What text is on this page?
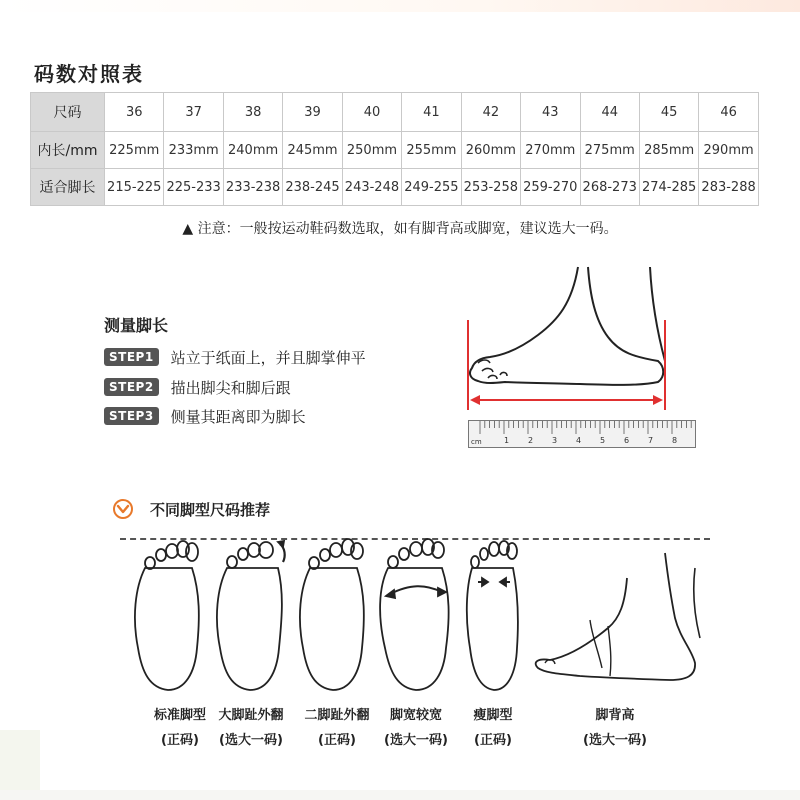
码数对照表
尺码	36	37	38	39	40	41	42	43	44	45	46
内长/mm	225mm	233mm	240mm	245mm	250mm	255mm	260mm	270mm	275mm	285mm	290mm
适合脚长	215-225	225-233	233-238	238-245	243-248	249-255	253-258	259-270	268-273	274-285	283-288
▲ 注意：一般按运动鞋码数选取，如有脚背高或脚宽，建议选大一码。
测量脚长
STEP1	站立于纸面上，并且脚掌伸平
STEP2	描出脚尖和脚后跟
STEP3	侧量其距离即为脚长
cm	1 2 3 4 5 6 7 8
不同脚型尺码推荐
标准脚型
(正码)
大脚趾外翻
(选大一码)
二脚趾外翻
(正码)
脚宽较宽
(选大一码)
瘦脚型
(正码)
脚背高
(选大一码)
